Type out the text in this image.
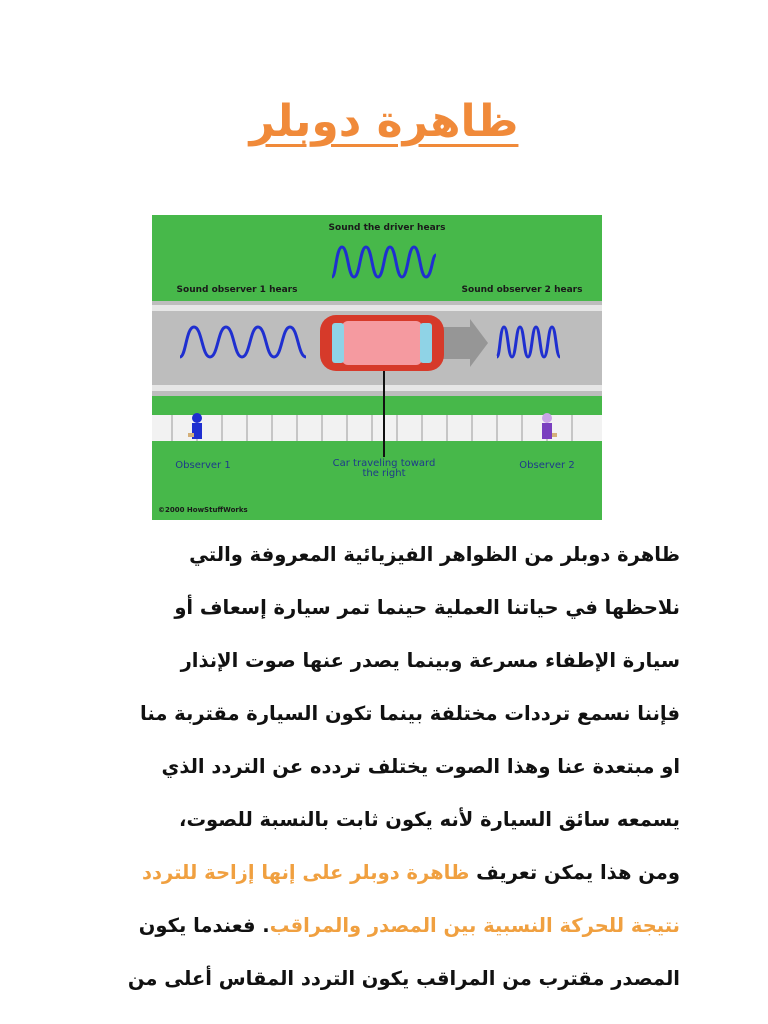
ظاهرة دوبلر
Sound the driver hears
Sound observer 1 hears	Sound observer 2 hears
Observer 1	Observer 2
Car traveling toward the right
©2000 HowStuffWorks
ظاهرة دوبلر من الظواهر الفيزيائية المعروفة والتي
نلاحظها في حياتنا العملية حينما تمر سيارة إسعاف أو
سيارة الإطفاء مسرعة وبينما يصدر عنها صوت الإنذار
فإننا نسمع ترددات مختلفة بينما تكون السيارة مقتربة منا
او مبتعدة عنا وهذا الصوت يختلف تردده عن التردد الذي
يسمعه سائق السيارة لأنه يكون ثابت بالنسبة للصوت،
ومن هذا يمكن تعريف ظاهرة دوبلر على إنها إزاحة للتردد
نتيجة للحركة النسبية بين المصدر والمراقب. فعندما يكون
المصدر مقترب من المراقب يكون التردد المقاس أعلى من
